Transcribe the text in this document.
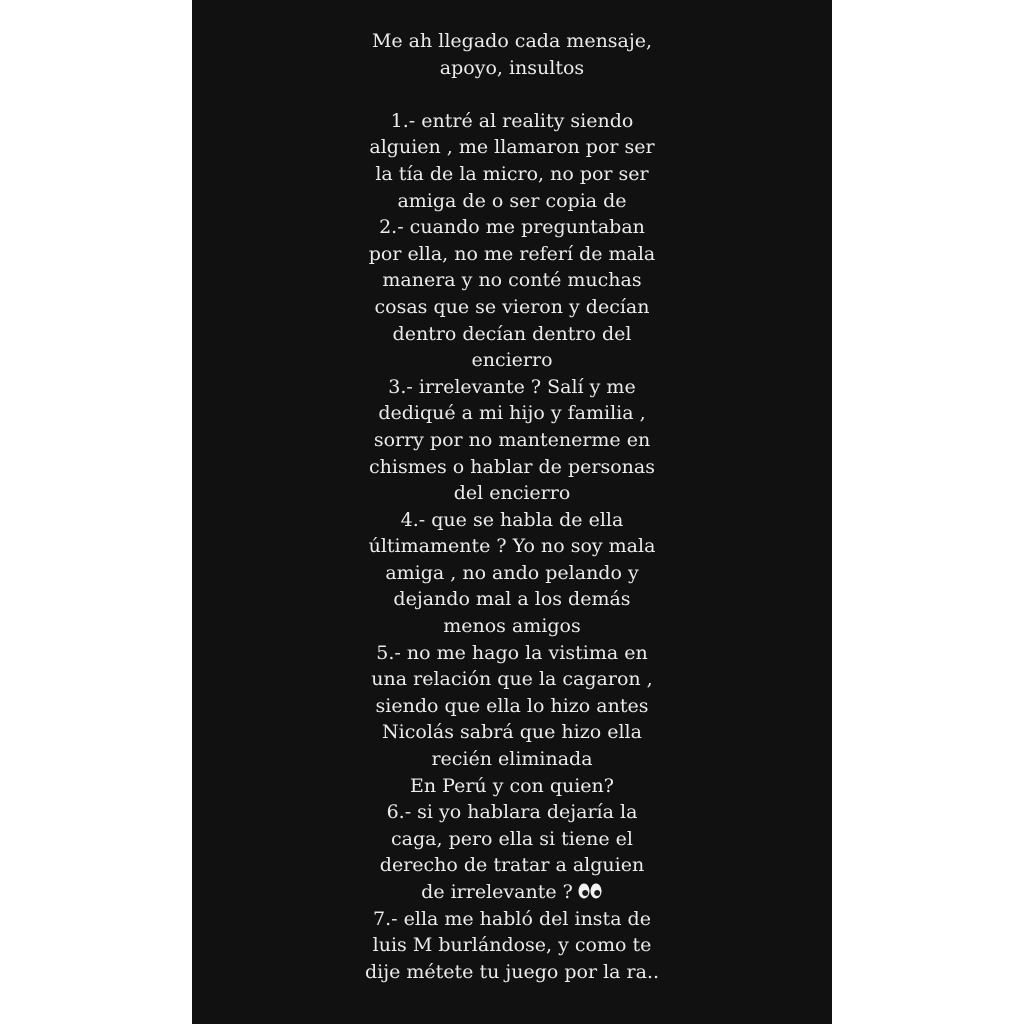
Me ah llegado cada mensaje,
apoyo, insultos
1.- entré al reality siendo
alguien , me llamaron por ser
la tía de la micro, no por ser
amiga de o ser copia de
2.- cuando me preguntaban
por ella, no me referí de mala
manera y no conté muchas
cosas que se vieron y decían
dentro decían dentro del
encierro
3.- irrelevante ? Salí y me
dediqué a mi hijo y familia ,
sorry por no mantenerme en
chismes o hablar de personas
del encierro
4.- que se habla de ella
últimamente ? Yo no soy mala
amiga , no ando pelando y
dejando mal a los demás
menos amigos
5.- no me hago la vistima en
una relación que la cagaron ,
siendo que ella lo hizo antes
Nicolás sabrá que hizo ella
recién eliminada
En Perú y con quien?
6.- si yo hablara dejaría la
caga, pero ella si tiene el
derecho de tratar a alguien
de irrelevante ?
7.- ella me habló del insta de
luis M burlándose, y como te
dije métete tu juego por la ra..
